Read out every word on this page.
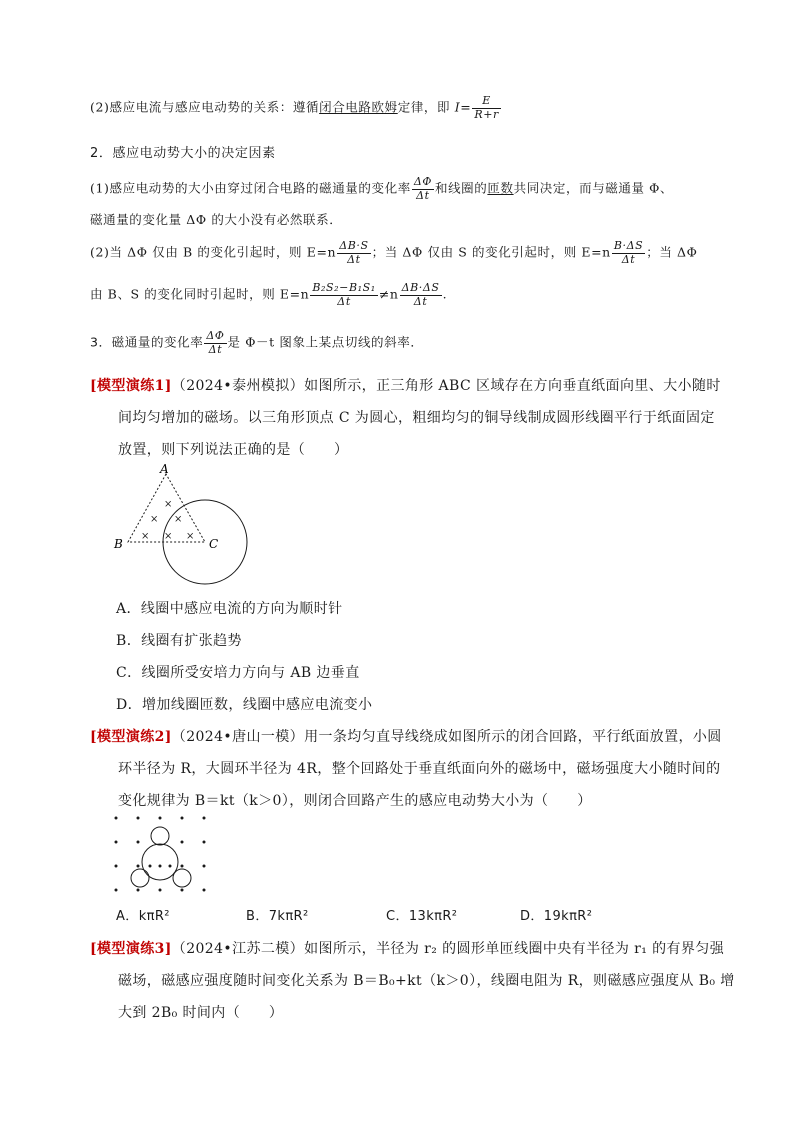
(2)感应电流与感应电动势的关系：遵循闭合电路欧姆定律，即 $I= \frac{E}{R+r}$
2．感应电动势大小的决定因素
(1)感应电动势的大小由穿过闭合电路的磁通量的变化率 $\frac{\Delta\Phi}{\Delta t}$ 和线圈的匝数共同决定，而与磁通量 Φ、
磁通量的变化量 ΔΦ 的大小没有必然联系．
(2)当 ΔΦ 仅由 B 的变化引起时，则 $E=n \frac{\Delta B\cdot S}{\Delta t}$ ；当 ΔΦ 仅由 S 的变化引起时，则 $E=n \frac{B\cdot\Delta S}{\Delta t}$ ；当 ΔΦ
由 B、S 的变化同时引起时，则 $E=n \frac{\text{B₂S₂−B₁S₁}}{\Delta t} \ne n \frac{\Delta B\cdot\Delta S}{\Delta t}$ .
3．磁通量的变化率 $\frac{\Delta\Phi}{\Delta t}$ 是 Φ－t 图象上某点切线的斜率．
[模型演练1]（2024•泰州模拟）如图所示，正三角形 ABC 区域存在方向垂直纸面向里、大小随时
间均匀增加的磁场。以三角形顶点 C 为圆心，粗细均匀的铜导线制成圆形线圈平行于纸面固定
放置，则下列说法正确的是（　　）
×
× ×
× × ×
A
B	C
A．线圈中感应电流的方向为顺时针
B．线圈有扩张趋势
C．线圈所受安培力方向与 AB 边垂直
D．增加线圈匝数，线圈中感应电流变小
[模型演练2]（2024•唐山一模）用一条均匀直导线绕成如图所示的闭合回路，平行纸面放置，小圆
环半径为 R，大圆环半径为 4R，整个回路处于垂直纸面向外的磁场中，磁场强度大小随时间的
变化规律为 B＝kt（k＞0），则闭合回路产生的感应电动势大小为（　　）
A．kπR²	B．7kπR²	C．13kπR²	D．19kπR²
[模型演练3]（2024•江苏二模）如图所示，半径为 r₂ 的圆形单匝线圈中央有半径为 r₁ 的有界匀强
磁场，磁感应强度随时间变化关系为 B＝B₀+kt（k＞0），线圈电阻为 R，则磁感应强度从 B₀ 增
大到 2B₀ 时间内（　　）
